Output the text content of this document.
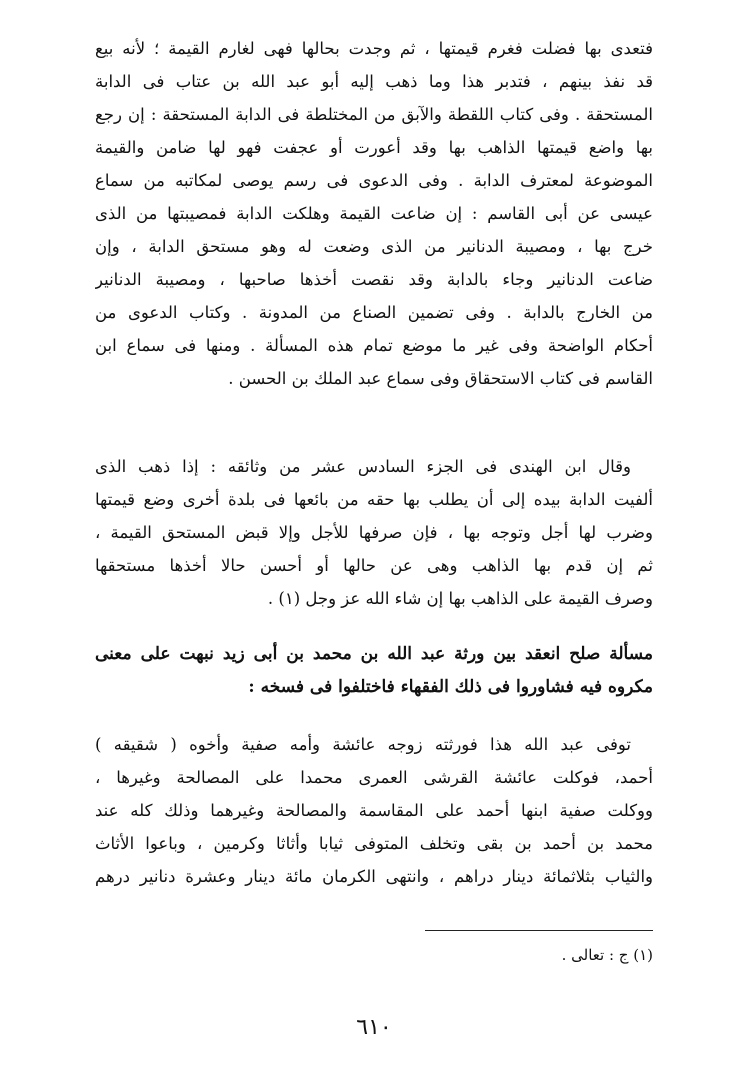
فتعدى بها فضلت فغرم قيمتها ، ثم وجدت بحالها فهى لغارم القيمة ؛ لأنه بيع
قد نفذ بينهم ، فتدبر هذا وما ذهب إليه أبو عبد الله بن عتاب فى الدابة
المستحقة . وفى كتاب اللقطة والآبق من المختلطة فى الدابة المستحقة : إن رجع
بها واضع قيمتها الذاهب بها وقد أعورت أو عجفت فهو لها ضامن والقيمة
الموضوعة لمعترف الدابة . وفى الدعوى فى رسم يوصى لمكاتبه من سماع
عيسى عن أبى القاسم : إن ضاعت القيمة وهلكت الدابة فمصيبتها من الذى
خرج بها ، ومصيبة الدنانير من الذى وضعت له وهو مستحق الدابة ، وإن
ضاعت الدنانير وجاء بالدابة وقد نقصت أخذها صاحبها ، ومصيبة الدنانير
من الخارج بالدابة . وفى تضمين الصناع من المدونة . وكتاب الدعوى من
أحكام الواضحة وفى غير ما موضع تمام هذه المسألة . ومنها فى سماع ابن
القاسم فى كتاب الاستحقاق وفى سماع عبد الملك بن الحسن .
وقال ابن الهندى فى الجزء السادس عشر من وثائقه : إذا ذهب الذى
ألفيت الدابة بيده إلى أن يطلب بها حقه من بائعها فى بلدة أخرى وضع قيمتها
وضرب لها أجل وتوجه بها ، فإن صرفها للأجل وإلا قبض المستحق القيمة ،
ثم إن قدم بها الذاهب وهى عن حالها أو أحسن حالا أخذها مستحقها
وصرف القيمة على الذاهب بها إن شاء الله عز وجل (١) .
مسألة صلح انعقد بين ورثة عبد الله بن محمد بن أبى زيد نبهت على معنى
مكروه فيه فشاوروا فى ذلك الفقهاء فاختلفوا فى فسخه :
توفى عبد الله هذا فورثته زوجه عائشة وأمه صفية وأخوه ( شقيقه )
أحمد، فوكلت عائشة القرشى العمرى محمدا على المصالحة وغيرها ،
ووكلت صفية ابنها أحمد على المقاسمة والمصالحة وغيرهما وذلك كله عند
محمد بن أحمد بن بقى وتخلف المتوفى ثيابا وأثاثا وكرمين ، وباعوا الأثاث
والثياب بثلاثمائة دينار دراهم ، وانتهى الكرمان مائة دينار وعشرة دنانير درهم
(١) ج : تعالى .
٦١٠
